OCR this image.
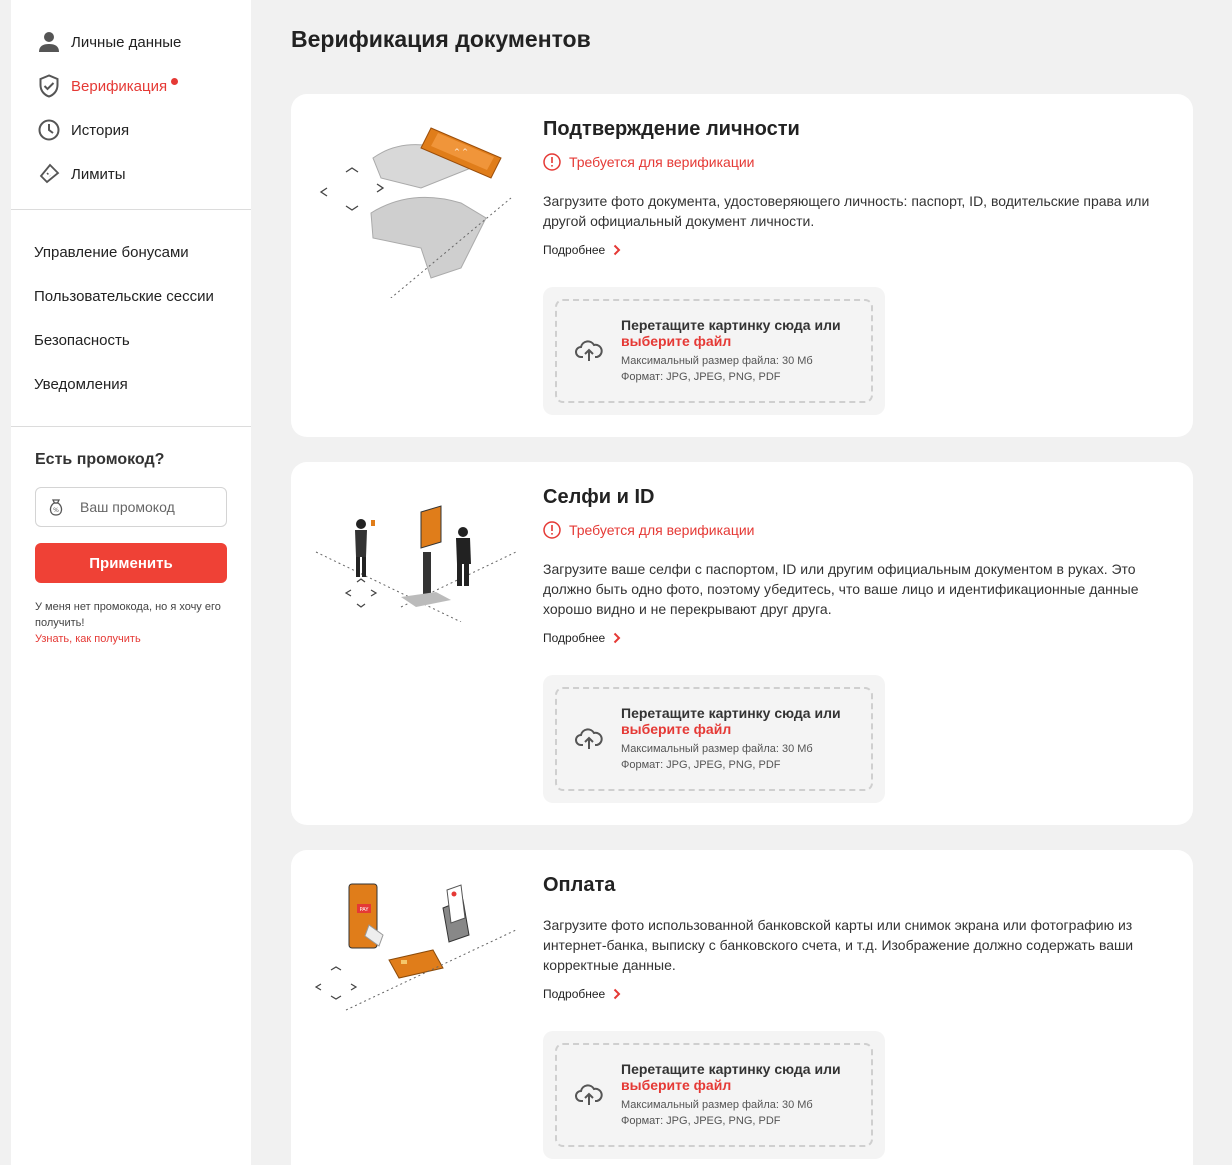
Личные данные
Верификация
История
Лимиты
Управление бонусами
Пользовательские сессии
Безопасность
Уведомления
Есть промокод?
%
Ваш промокод
Применить
У меня нет промокода, но я хочу его получить!
Узнать, как получить
Верификация документов
^ ^
Подтверждение личности
Требуется для верификации

Загрузите фото документа, удостоверяющего личность: паспорт, ID, водительские права или другой официальный документ личности.

Подробнее
Перетащите картинку сюда или
выберите файл
Максимальный размер файла: 30 Мб
Формат: JPG, JPEG, PNG, PDF
Селфи и ID
Требуется для верификации

Загрузите ваше селфи с паспортом, ID или другим официальным документом в руках. Это должно быть одно фото, поэтому убедитесь, что ваше лицо и идентификационные данные хорошо видно и не перекрывают друг друга.

Подробнее
Перетащите картинку сюда или
выберите файл
Максимальный размер файла: 30 Мб
Формат: JPG, JPEG, PNG, PDF
PAY
Оплата

Загрузите фото использованной банковской карты или снимок экрана или фотографию из интернет-банка, выписку с банковского счета, и т.д. Изображение должно содержать ваши корректные данные.

Подробнее
Перетащите картинку сюда или
выберите файл
Максимальный размер файла: 30 Мб
Формат: JPG, JPEG, PNG, PDF
